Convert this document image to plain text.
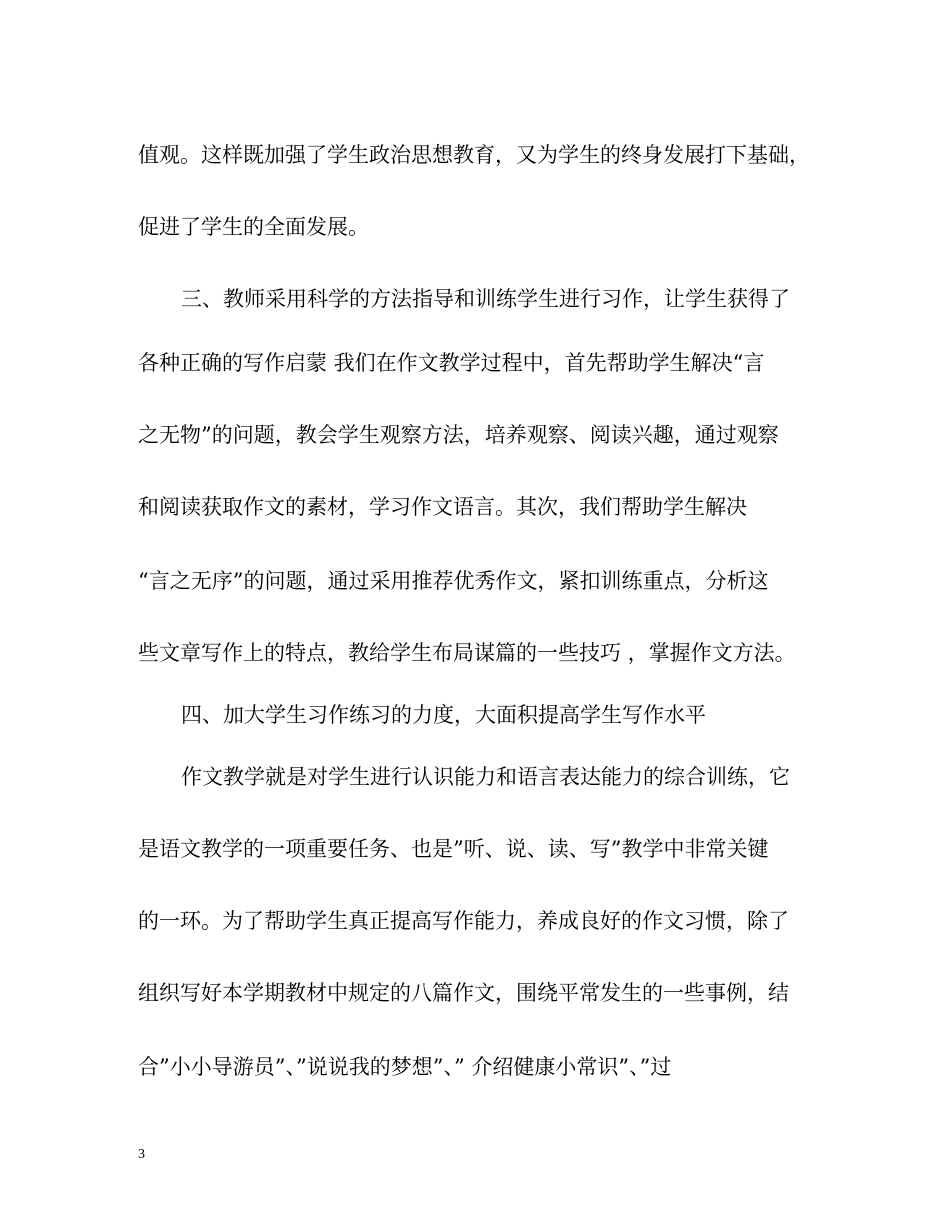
值观。这样既加强了学生政治思想教育，又为学生的终身发展打下基础，
促进了学生的全面发展。
三、教师采用科学的方法指导和训练学生进行习作，让学生获得了
各种正确的写作启蒙 我们在作文教学过程中，首先帮助学生解决“言
之无物”的问题，教会学生观察方法，培养观察、阅读兴趣，通过观察
和阅读获取作文的素材，学习作文语言。其次，我们帮助学生解决
“言之无序”的问题，通过采用推荐优秀作文，紧扣训练重点，分析这
些文章写作上的特点，教给学生布局谋篇的一些技巧 ，掌握作文方法。
四、加大学生习作练习的力度，大面积提高学生写作水平
作文教学就是对学生进行认识能力和语言表达能力的综合训练，它
是语文教学的一项重要任务、也是”听、说、读、写”教学中非常关键
的一环。为了帮助学生真正提高写作能力，养成良好的作文习惯，除了
组织写好本学期教材中规定的八篇作文，围绕平常发生的一些事例，结
合”小小导游员”、”说说我的梦想”、” 介绍健康小常识”、”过
3
